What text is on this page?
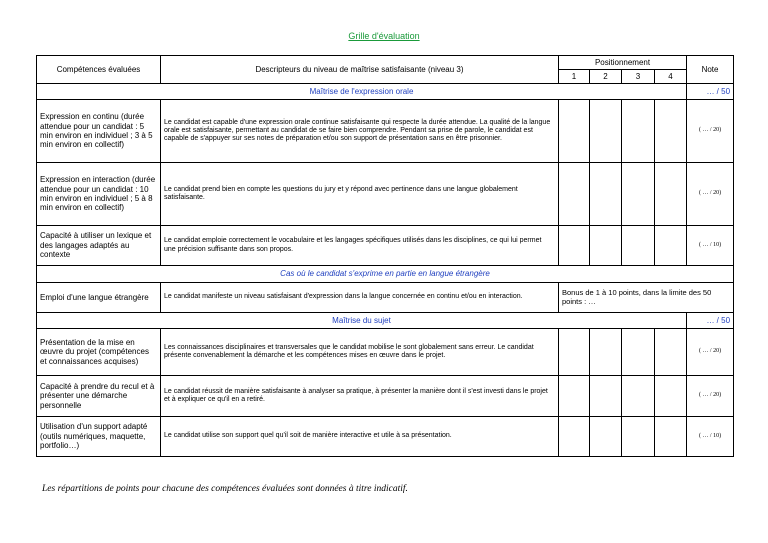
Grille d'évaluation
Compétences évaluées	Descripteurs du niveau de maîtrise satisfaisante (niveau 3)	Positionnement				Note
		1	2	3	4	
Maîtrise de l'expression orale						… / 50
Expression en continu (durée attendue pour un candidat : 5 min environ en individuel ; 3 à 5 min environ en collectif)	Le candidat est capable d'une expression orale continue satisfaisante qui respecte la durée attendue. La qualité de la langue orale est satisfaisante, permettant au candidat de se faire bien comprendre. Pendant sa prise de parole, le candidat est capable de s'appuyer sur ses notes de préparation et/ou son support de présentation sans en être prisonnier.					( … / 20)
Expression en interaction (durée attendue pour un candidat : 10 min environ en individuel ; 5 à 8 min environ en collectif)	Le candidat prend bien en compte les questions du jury et y répond avec pertinence dans une langue globalement satisfaisante.					( … / 20)
Capacité à utiliser un lexique et des langages adaptés au contexte	Le candidat emploie correctement le vocabulaire et les langages spécifiques utilisés dans les disciplines, ce qui lui permet une précision suffisante dans son propos.					( … / 10)
Cas où le candidat s'exprime en partie en langue étrangère						
Emploi d'une langue étrangère	Le candidat manifeste un niveau satisfaisant d'expression dans la langue concernée en continu et/ou en interaction.	Bonus de 1 à 10 points, dans la limite des 50 points : …				
Maîtrise du sujet						… / 50
Présentation de la mise en œuvre du projet (compétences et connaissances acquises)	Les connaissances disciplinaires et transversales que le candidat mobilise le sont globalement sans erreur. Le candidat présente convenablement la démarche et les compétences mises en œuvre dans le projet.					( … / 20)
Capacité à prendre du recul et à présenter une démarche personnelle	Le candidat réussit de manière satisfaisante à analyser sa pratique, à présenter la manière dont il s'est investi dans le projet et à expliquer ce qu'il en a retiré.					( … / 20)
Utilisation d'un support adapté (outils numériques, maquette, portfolio…)	Le candidat utilise son support quel qu'il soit de manière interactive et utile à sa présentation.					( … / 10)
Les répartitions de points pour chacune des compétences évaluées sont données à titre indicatif.
